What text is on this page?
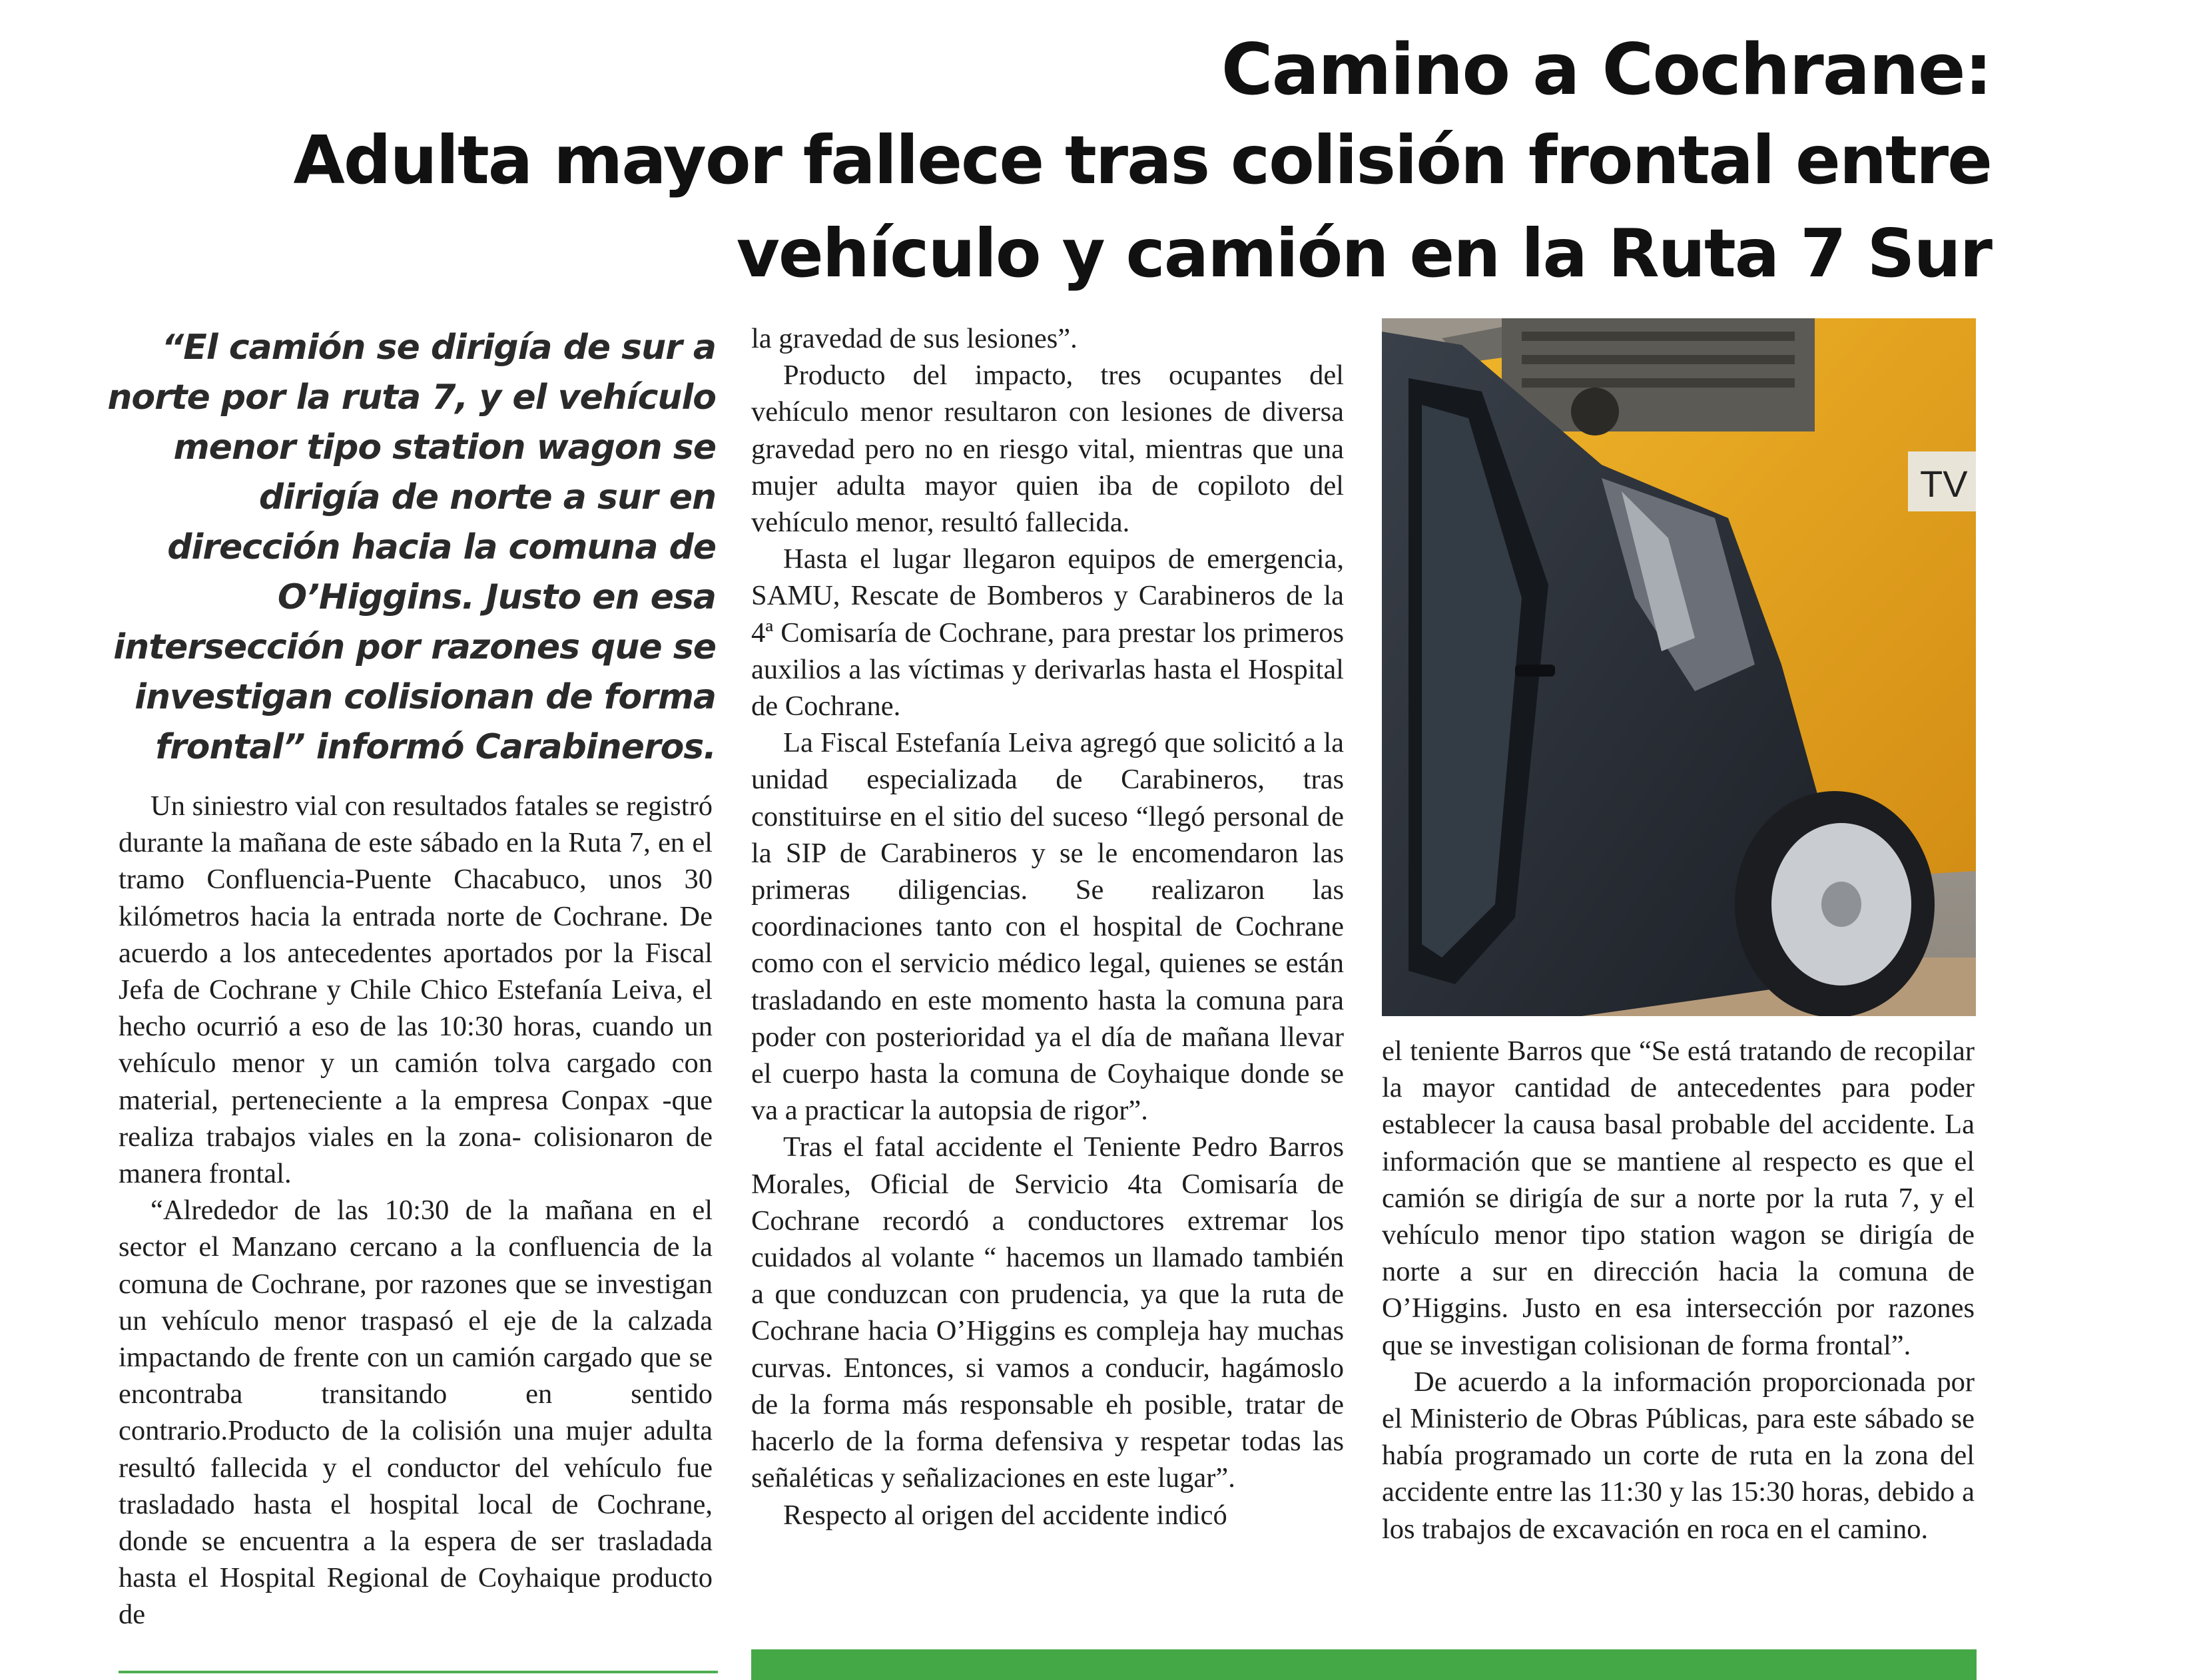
Camino a Cochrane:
Adulta mayor fallece tras colisión frontal entre
vehículo y camión en la Ruta 7 Sur

“El camión se dirigía de sur a norte por la ruta 7, y el vehículo menor tipo station wagon se dirigía de norte a sur en dirección hacia la comuna de O’Higgins. Justo en esa intersección por razones que se investigan colisionan de forma frontal” informó Carabineros.

Un siniestro vial con resultados fatales se registró durante la mañana de este sábado en la Ruta 7, en el tramo Confluencia-Puente Chacabuco, unos 30 kilómetros hacia la entrada norte de Cochrane. De acuerdo a los antecedentes aportados por la Fiscal Jefa de Cochrane y Chile Chico Estefanía Leiva, el hecho ocurrió a eso de las 10:30 horas, cuando un vehículo menor y un camión tolva cargado con material, perteneciente a la empresa Conpax -que realiza trabajos viales en la zona- colisionaron de manera frontal.

“Alrededor de las 10:30 de la mañana en el sector el Manzano cercano a la confluencia de la comuna de Cochrane, por razones que se investigan un vehículo menor traspasó el eje de la calzada impactando de frente con un camión cargado que se encontraba transitando en sentido contrario.Producto de la colisión una mujer adulta resultó fallecida y el conductor del vehículo fue trasladado hasta el hospital local de Cochrane, donde se encuentra a la espera de ser trasladada hasta el Hospital Regional de Coyhaique producto de

la gravedad de sus lesiones”.

Producto del impacto, tres ocupantes del vehículo menor resultaron con lesiones de diversa gravedad pero no en riesgo vital, mientras que una mujer adulta mayor quien iba de copiloto del vehículo menor, resultó fallecida.

Hasta el lugar llegaron equipos de emergencia, SAMU, Rescate de Bomberos y Carabineros de la 4ª Comisaría de Cochrane, para prestar los primeros auxilios a las víctimas y derivarlas hasta el Hospital de Cochrane.

La Fiscal Estefanía Leiva agregó que solicitó a la unidad especializada de Carabineros, tras constituirse en el sitio del suceso “llegó personal de la SIP de Carabineros y se le encomendaron las primeras diligencias. Se realizaron las coordinaciones tanto con el hospital de Cochrane como con el servicio médico legal, quienes se están trasladando en este momento hasta la comuna para poder con posterioridad ya el día de mañana llevar el cuerpo hasta la comuna de Coyhaique donde se va a practicar la autopsia de rigor”.

Tras el fatal accidente el Teniente Pedro Barros Morales, Oficial de Servicio 4ta Comisaría de Cochrane recordó a conductores extremar los cuidados al volante “ hacemos un llamado también a que conduzcan con prudencia, ya que la ruta de Cochrane hacia O’Higgins es compleja hay muchas curvas. Entonces, si vamos a conducir, hagámoslo de la forma más responsable eh posible, tratar de hacerlo de la forma defensiva y respetar todas las señaléticas y señalizaciones en este lugar”.

Respecto al origen del accidente indicó

TV

el teniente Barros que “Se está tratando de recopilar la mayor cantidad de antecedentes para poder establecer la causa basal probable del accidente. La información que se mantiene al respecto es que el camión se dirigía de sur a norte por la ruta 7, y el vehículo menor tipo station wagon se dirigía de norte a sur en dirección hacia la comuna de O’Higgins. Justo en esa intersección por razones que se investigan colisionan de forma frontal”.

De acuerdo a la información proporcionada por el Ministerio de Obras Públicas, para este sábado se había programado un corte de ruta en la zona del accidente entre las 11:30 y las 15:30 horas, debido a los trabajos de excavación en roca en el camino.
